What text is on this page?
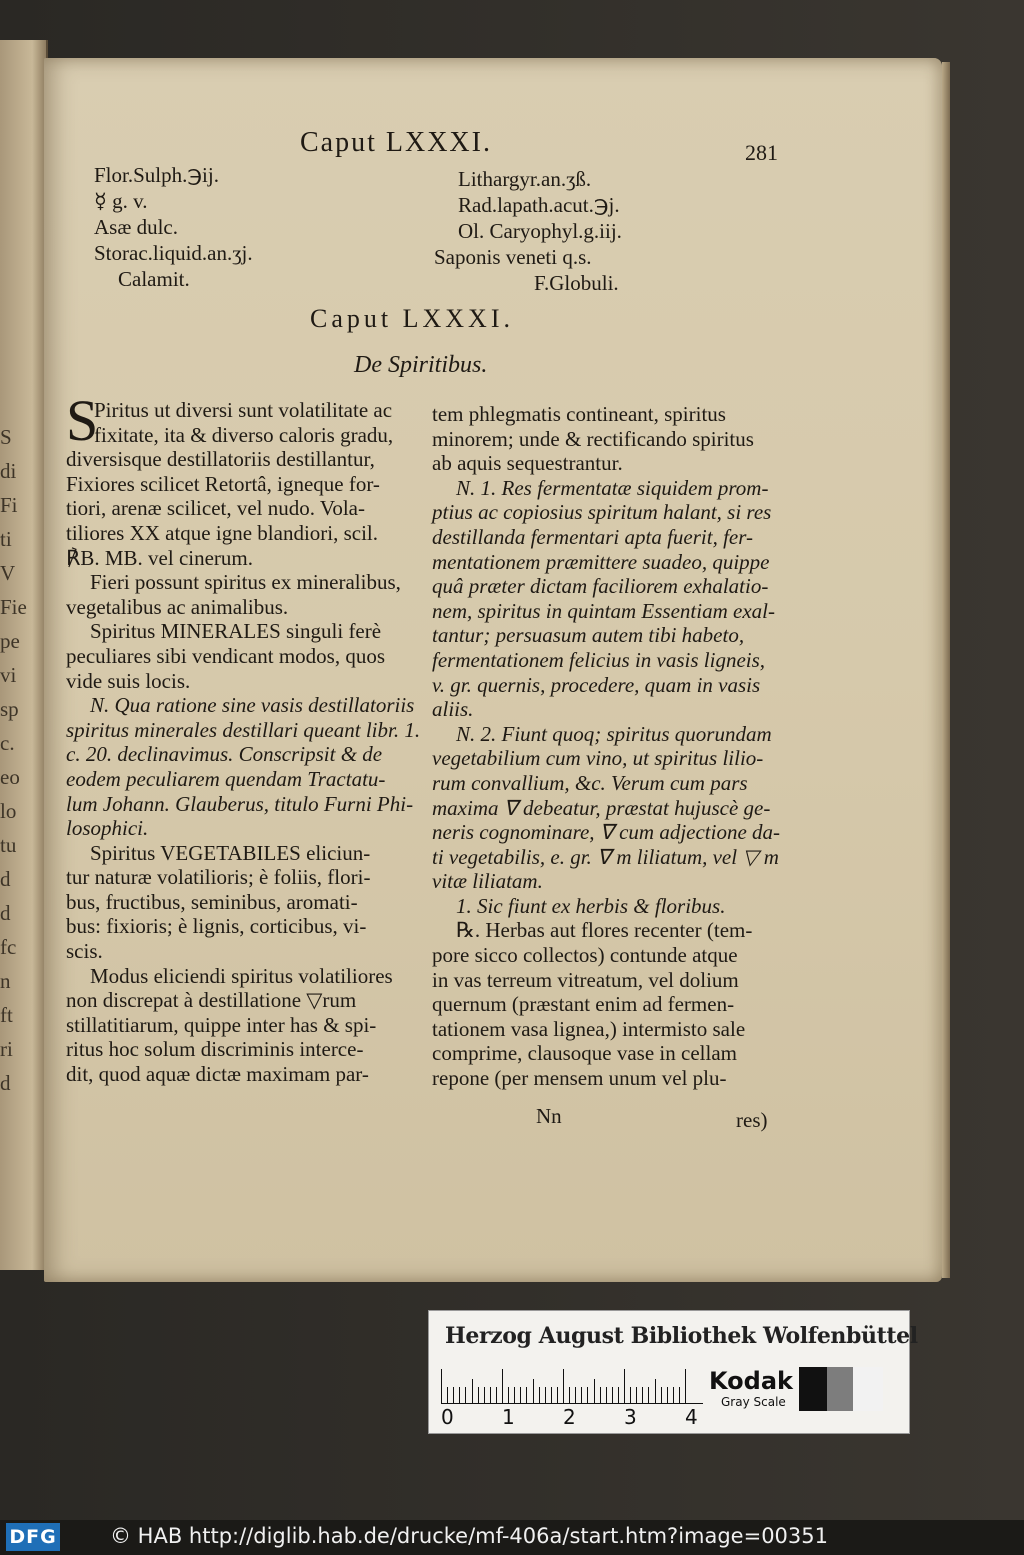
S
di
Fi
ti
V
Fie
pe
vi
sp
c.
eo
lo
tu
d
d
fc
n
ft
ri
d
Caput LXXXI.	281
Flor.Sulph.℈ij.
☿ g. v.
Asæ dulc.
Storac.liquid.an.ʒj.
Calamit.
Lithargyr.an.ʒß.
Rad.lapath.acut.℈j.
Ol. Caryophyl.g.iij.
Saponis veneti q.s.
F.Globuli.
Caput LXXXI.
De Spiritibus.
S
Piritus ut diversi sunt volatilitate ac
fixitate, ita & diverso caloris gradu,
diversisque destillatoriis destillantur,
Fixiores scilicet Retortâ, igneque for-
tiori, arenæ scilicet, vel nudo. Vola-
tiliores XX atque igne blandiori, scil.
℟B. MB. vel cinerum.
Fieri possunt spiritus ex mineralibus,
vegetalibus ac animalibus.
Spiritus MINERALES singuli ferè
peculiares sibi vendicant modos, quos
vide suis locis.
N. Qua ratione sine vasis destillatoriis
spiritus minerales destillari queant libr. 1.
c. 20. declinavimus. Conscripsit & de
eodem peculiarem quendam Tractatu-
lum Johann. Glauberus, titulo Furni Phi-
losophici.
Spiritus VEGETABILES eliciun-
tur naturæ volatilioris; è foliis, flori-
bus, fructibus, seminibus, aromati-
bus: fixioris; è lignis, corticibus, vi-
scis.
Modus eliciendi spiritus volatiliores
non discrepat à destillatione ▽rum
stillatitiarum, quippe inter has & spi-
ritus hoc solum discriminis interce-
dit, quod aquæ dictæ maximam par-
tem phlegmatis contineant, spiritus
minorem; unde & rectificando spiritus
ab aquis sequestrantur.
N. 1. Res fermentatæ siquidem prom-
ptius ac copiosius spiritum halant, si res
destillanda fermentari apta fuerit, fer-
mentationem præmittere suadeo, quippe
quâ præter dictam faciliorem exhalatio-
nem, spiritus in quintam Essentiam exal-
tantur; persuasum autem tibi habeto,
fermentationem felicius in vasis ligneis,
v. gr. quernis, procedere, quam in vasis
aliis.
N. 2. Fiunt quoq; spiritus quorundam
vegetabilium cum vino, ut spiritus lilio-
rum convallium, &c. Verum cum pars
maxima ∇ debeatur, præstat hujuscè ge-
neris cognominare, ∇ cum adjectione da-
ti vegetabilis, e. gr. ∇ m liliatum, vel ▽ m
vitæ liliatam.
1. Sic fiunt ex herbis & floribus.
℞. Herbas aut flores recenter (tem-
pore sicco collectos) contunde atque
in vas terreum vitreatum, vel dolium
quernum (præstant enim ad fermen-
tationem vasa lignea,) intermisto sale
comprime, clausoque vase in cellam
repone (per mensem unum vel plu-
Nn	res)
Herzog August Bibliothek Wolfenbüttel
0 1 2 3 4
Kodak
Gray Scale
DFG	© HAB http://diglib.hab.de/drucke/mf-406a/start.htm?image=00351
